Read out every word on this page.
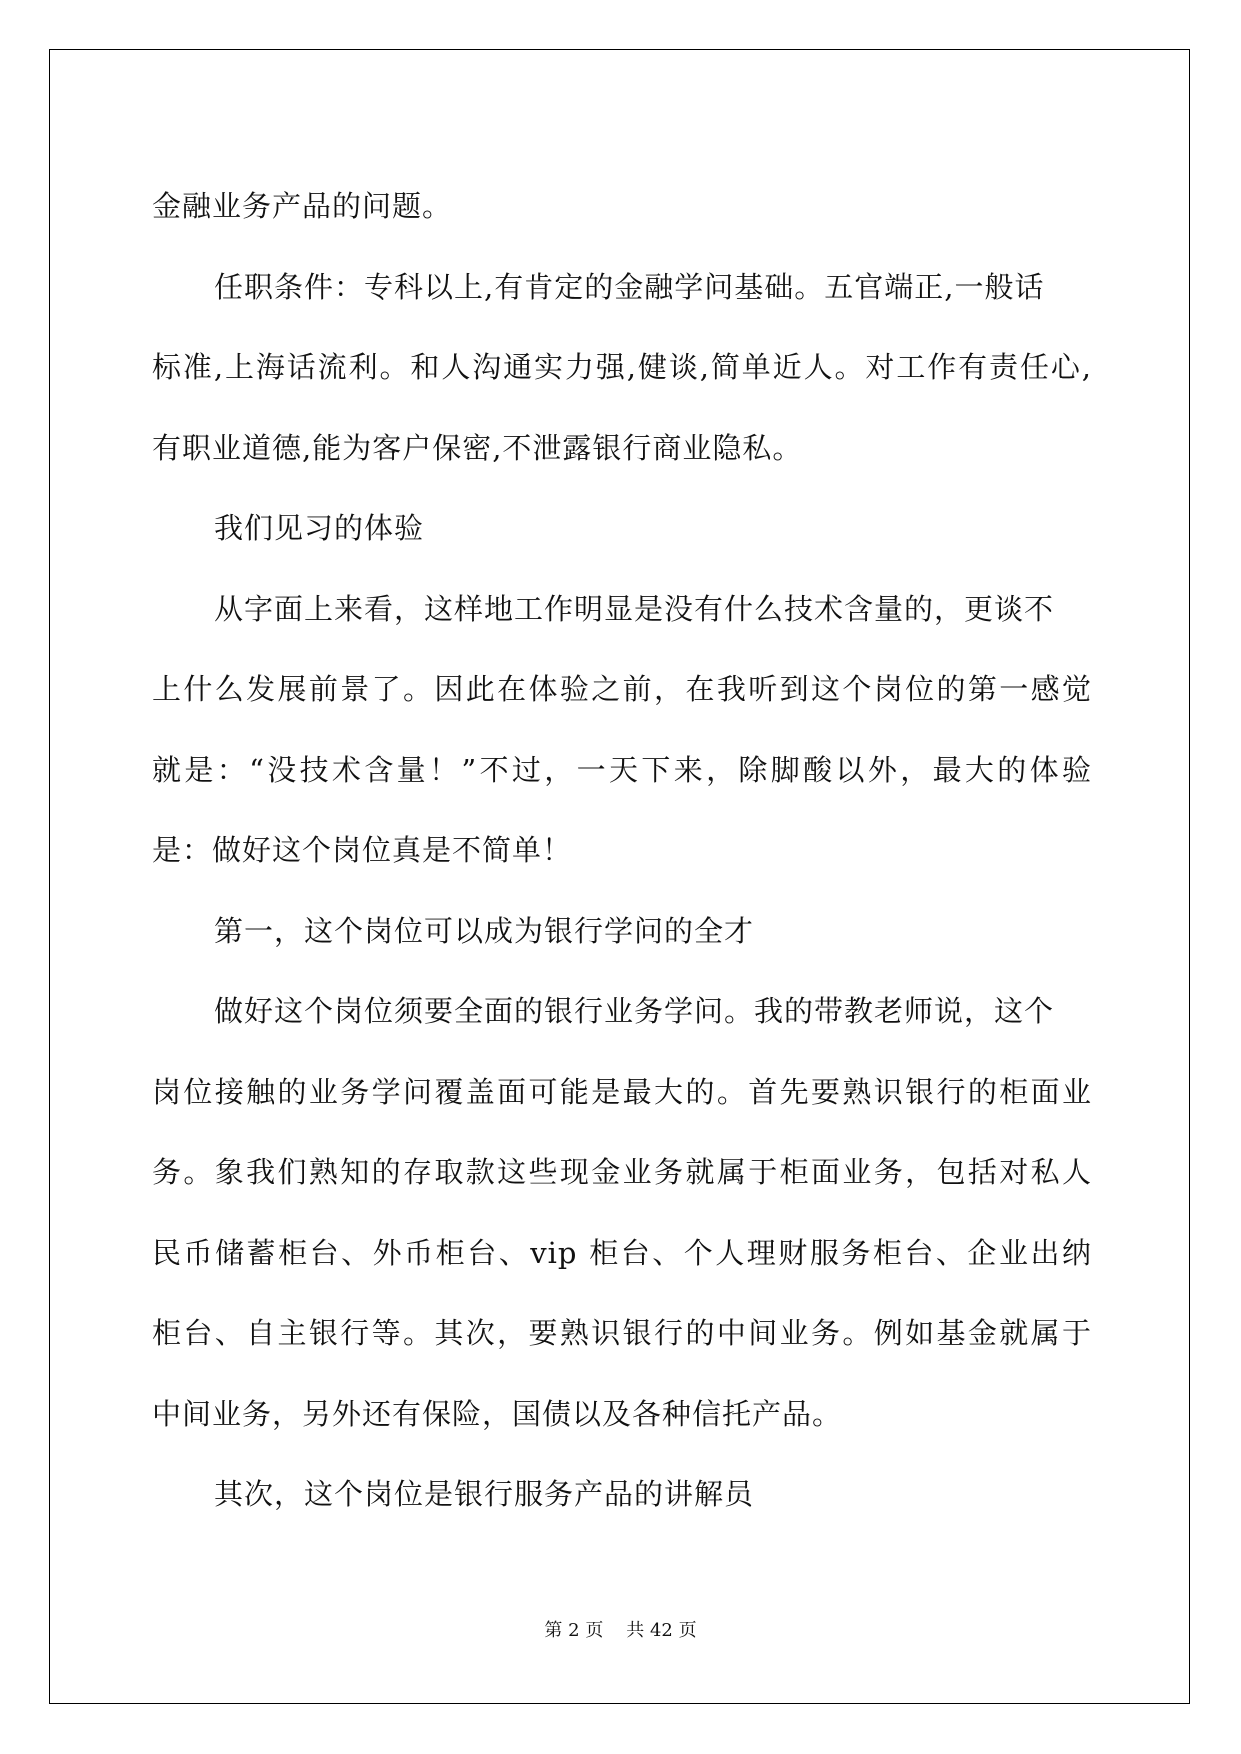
金融业务产品的问题。
任职条件：专科以上,有肯定的金融学问基础。五官端正,一般话
标准,上海话流利。和人沟通实力强,健谈,简单近人。对工作有责任心,
有职业道德,能为客户保密,不泄露银行商业隐私。
我们见习的体验
从字面上来看，这样地工作明显是没有什么技术含量的，更谈不
上什么发展前景了。因此在体验之前，在我听到这个岗位的第一感觉
就是：“没技术含量！”不过，一天下来，除脚酸以外，最大的体验
是：做好这个岗位真是不简单！
第一，这个岗位可以成为银行学问的全才
做好这个岗位须要全面的银行业务学问。我的带教老师说，这个
岗位接触的业务学问覆盖面可能是最大的。首先要熟识银行的柜面业
务。象我们熟知的存取款这些现金业务就属于柜面业务，包括对私人
民币储蓄柜台、外币柜台、vip 柜台、个人理财服务柜台、企业出纳
柜台、自主银行等。其次，要熟识银行的中间业务。例如基金就属于
中间业务，另外还有保险，国债以及各种信托产品。
其次，这个岗位是银行服务产品的讲解员
第 2 页 共 42 页
